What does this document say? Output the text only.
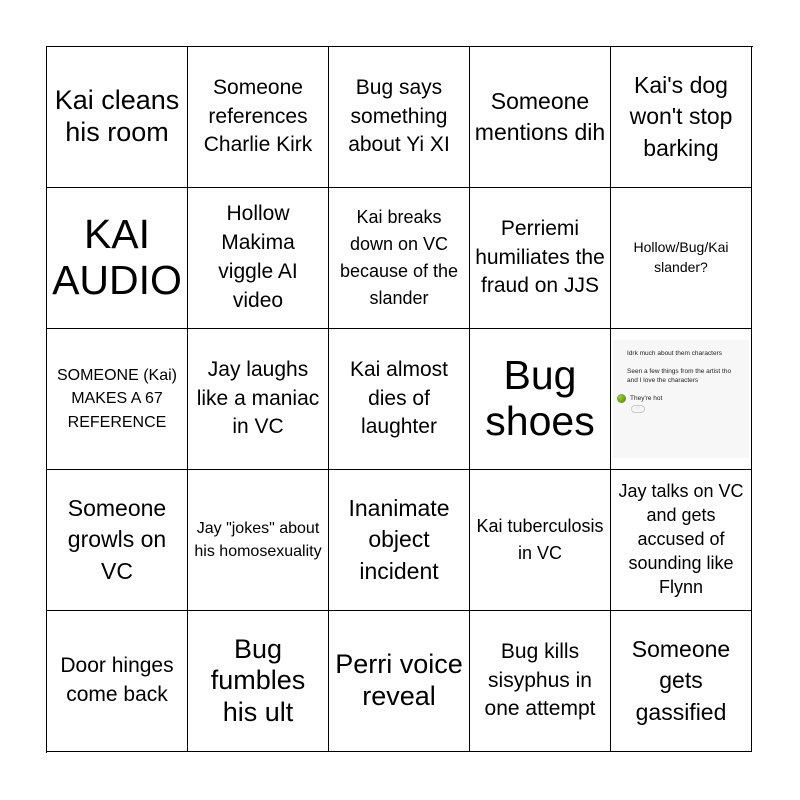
Kai cleans his room
Someone references Charlie Kirk
Bug says something about Yi XI
Someone mentions dih
Kai's dog won't stop barking
KAI AUDIO
Hollow Makima viggle AI video
Kai breaks down on VC because of the slander
Perriemi humiliates the fraud on JJS
Hollow/Bug/Kai slander?
SOMEONE (Kai) MAKES A 67 REFERENCE
Jay laughs like a maniac in VC
Kai almost dies of laughter
Bug shoes
Idrk much about them characters
Seen a few things from the artist tho and I love the characters
They're hot
♡
Someone growls on VC
Jay "jokes" about his homosexuality
Inanimate object incident
Kai tuberculosis in VC
Jay talks on VC and gets accused of sounding like Flynn
Door hinges come back
Bug fumbles his ult
Perri voice reveal
Bug kills sisyphus in one attempt
Someone gets gassified
